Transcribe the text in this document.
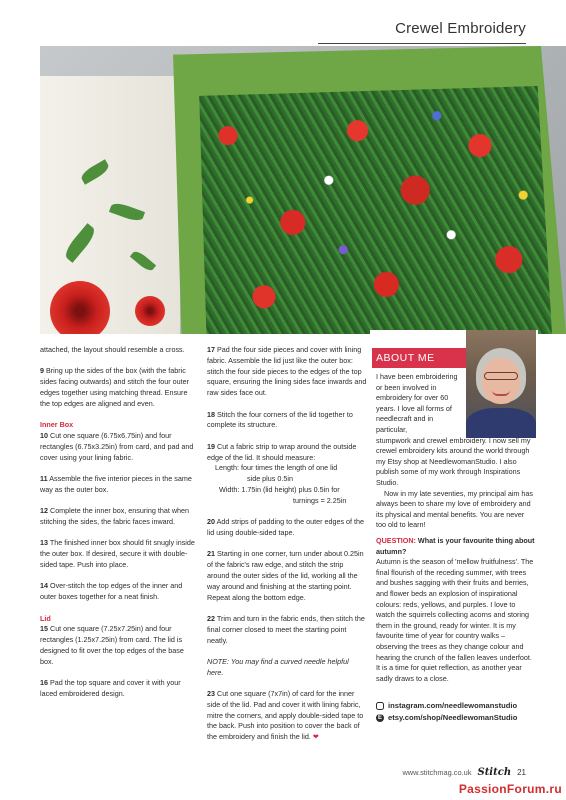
Crewel Embroidery

attached, the layout should resemble a cross.

9 Bring up the sides of the box (with the fabric sides facing outwards) and stitch the four outer edges together using matching thread. Ensure the top edges are aligned and even.

Inner Box

10 Cut one square (6.75x6.75in) and four rectangles (6.75x3.25in) from card, and pad and cover using your lining fabric.

11 Assemble the five interior pieces in the same way as the outer box.

12 Complete the inner box, ensuring that when stitching the sides, the fabric faces inward.

13 The finished inner box should fit snugly inside the outer box. If desired, secure it with double-sided tape. Push into place.

14 Over-stitch the top edges of the inner and outer boxes together for a neat finish.

Lid

15 Cut one square (7.25x7.25in) and four rectangles (1.25x7.25in) from card. The lid is designed to fit over the top edges of the base box.

16 Pad the top square and cover it with your laced embroidered design.

17 Pad the four side pieces and cover with lining fabric. Assemble the lid just like the outer box: stitch the four side pieces to the edges of the top square, ensuring the lining sides face inwards and raw sides face out.

18 Stitch the four corners of the lid together to complete its structure.

19 Cut a fabric strip to wrap around the outside edge of the lid. It should measure:
Length: four times the length of one lid
side plus 0.5in
Width: 1.75in (lid height) plus 0.5in for
turnings = 2.25in

20 Add strips of padding to the outer edges of the lid using double-sided tape.

21 Starting in one corner, turn under about 0.25in of the fabric's raw edge, and stitch the strip around the outer sides of the lid, working all the way around and finishing at the starting point. Repeat along the bottom edge.

22 Trim and turn in the fabric ends, then stitch the final corner closed to meet the starting point neatly.

NOTE: You may find a curved needle helpful here.

23 Cut one square (7x7in) of card for the inner side of the lid. Pad and cover it with lining fabric, mitre the corners, and apply double-sided tape to the back. Push into position to cover the back of the embroidery and finish the lid. ❤

ABOUT ME
I have been embroidering or been involved in embroidery for over 60 years. I love all forms of needlecraft and in particular,
stumpwork and crewel embroidery. I now sell my crewel embroidery kits around the world through my Etsy shop at NeedlewomanStudio. I also publish some of my work through Inspirations Studio.
Now in my late seventies, my principal aim has always been to share my love of embroidery and its physical and mental benefits. You are never too old to learn!
QUESTION: What is your favourite thing about autumn?
Autumn is the season of 'mellow fruitfulness'. The final flourish of the receding summer, with trees and bushes sagging with their fruits and berries, and flower beds an explosion of inspirational colours: reds, yellows, and purples. I love to watch the squirrels collecting acorns and storing them in the ground, ready for winter. It is my favourite time of year for country walks – observing the trees as they change colour and hearing the crunch of the fallen leaves underfoot. It is a time for quiet reflection, as another year sadly draws to a close.
instagram.com/needlewomanstudio
E etsy.com/shop/NeedlewomanStudio
www.stitchmag.co.uk Stitch 21
PassionForum.ru
